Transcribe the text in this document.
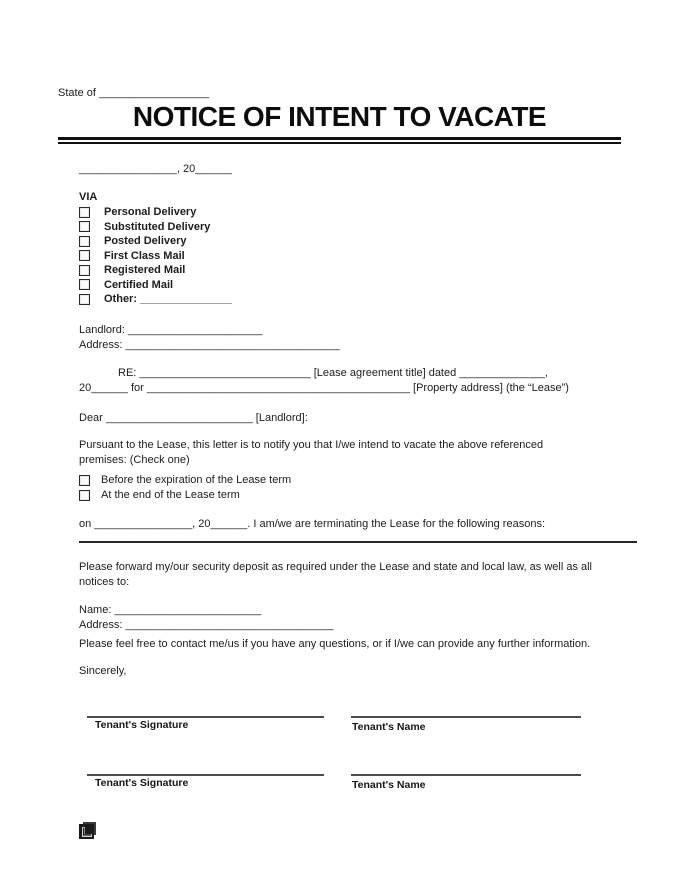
State of __________________
NOTICE OF INTENT TO VACATE
________________, 20______
VIA
Personal Delivery
Substituted Delivery
Posted Delivery
First Class Mail
Registered Mail
Certified Mail
Other: _______________
Landlord: ______________________
Address: ___________________________________
RE: ____________________________ [Lease agreement title] dated ______________,
20______ for ___________________________________________ [Property address] (the “Lease”)
Dear ________________________ [Landlord]:
Pursuant to the Lease, this letter is to notify you that I/we intend to vacate the above referenced
premises: (Check one)
Before the expiration of the Lease term
At the end of the Lease term
on ________________, 20______. I am/we are terminating the Lease for the following reasons:
Please forward my/our security deposit as required under the Lease and state and local law, as well as all
notices to:
Name: ________________________
Address: __________________________________
Please feel free to contact me/us if you have any questions, or if I/we can provide any further information.
Sincerely,
Tenant's Signature	Tenant's Name
Tenant's Signature	Tenant's Name
